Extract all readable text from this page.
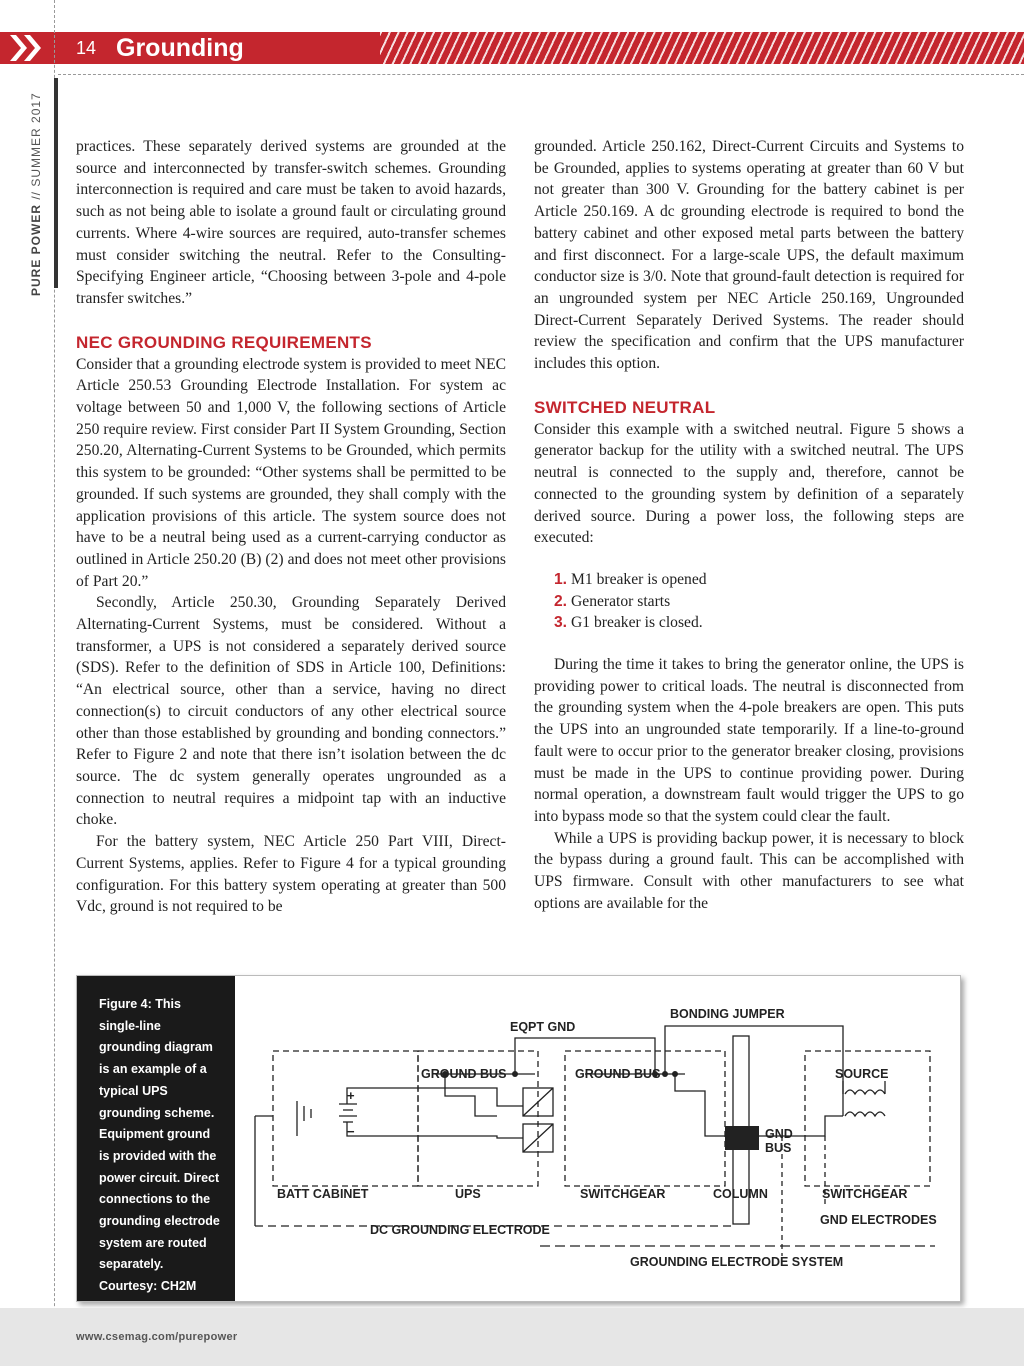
14 Grounding
PURE POWER // SUMMER 2017 practices. These separately derived systems are grounded at the source and interconnected by transfer-switch schemes. Grounding interconnection is required and care must be taken to avoid hazards, such as not being able to isolate a ground fault or circulating ground currents. Where 4-wire sources are required, auto-transfer schemes must consider switching the neutral. Refer to the Consulting-Specifying Engineer article, “Choosing between 3-pole and 4-pole transfer switches.”

NEC GROUNDING REQUIREMENTS

Consider that a grounding electrode system is provided to meet NEC Article 250.53 Grounding Electrode Installation. For system ac voltage between 50 and 1,000 V, the following sections of Article 250 require review. First consider Part II System Grounding, Section 250.20, Alternating-Current Systems to be Grounded, which permits this system to be grounded: “Other systems shall be permitted to be grounded. If such systems are grounded, they shall comply with the application provisions of this article. The system source does not have to be a neutral being used as a current-carrying conductor as outlined in Article 250.20 (B) (2) and does not meet other provisions of Part 20.”

Secondly, Article 250.30, Grounding Separately Derived Alternating-Current Systems, must be considered. Without a transformer, a UPS is not considered a separately derived source (SDS). Refer to the definition of SDS in Article 100, Definitions: “An electrical source, other than a service, having no direct connection(s) to circuit conductors of any other electrical source other than those established by grounding and bonding connectors.” Refer to Figure 2 and note that there isn’t isolation between the dc source. The dc system generally operates ungrounded as a connection to neutral requires a midpoint tap with an inductive choke.

For the battery system, NEC Article 250 Part VIII, Direct-Current Systems, applies. Refer to Figure 4 for a typical grounding configuration. For this battery system operating at greater than 500 Vdc, ground is not required to be

grounded. Article 250.162, Direct-Current Circuits and Systems to be Grounded, applies to systems operating at greater than 60 V but not greater than 300 V. Grounding for the battery cabinet is per Article 250.169. A dc grounding electrode is required to bond the battery cabinet and other exposed metal parts between the battery and first disconnect. For a large-scale UPS, the default maximum conductor size is 3/0. Note that ground-fault detection is required for an ungrounded system per NEC Article 250.169, Ungrounded Direct-Current Separately Derived Systems. The reader should review the specification and confirm that the UPS manufacturer includes this option.

SWITCHED NEUTRAL

Consider this example with a switched neutral. Figure 5 shows a generator backup for the utility with a switched neutral. The UPS neutral is connected to the supply and, therefore, cannot be connected to the grounding system by definition of a separately derived source. During a power loss, the following steps are executed:

1. M1 breaker is opened
2. Generator starts
3. G1 breaker is closed.

During the time it takes to bring the generator online, the UPS is providing power to critical loads. The neutral is disconnected from the grounding system when the 4-pole breakers are open. This puts the UPS into an ungrounded state temporarily. If a line-to-ground fault were to occur prior to the generator breaker closing, provisions must be made in the UPS to continue providing power. During normal operation, a downstream fault would trigger the UPS to go into bypass mode so that the system could clear the fault.

While a UPS is providing backup power, it is necessary to block the bypass during a ground fault. This can be accomplished with UPS firmware. Consult with other manufacturers to see what options are available for the

Figure 4: This single-line grounding diagram is an example of a typical UPS grounding scheme. Equipment ground is provided with the power circuit. Direct connections to the grounding electrode system are routed separately. Courtesy: CH2M
BONDING JUMPER
EQPT GND
GROUND BUS	GROUND BUS	SOURCE
GND
BUS
BATT CABINET	UPS	SWITCHGEAR	COLUMN	SWITCHGEAR
GND ELECTRODES
DC GROUNDING ELECTRODE
GROUNDING ELECTRODE SYSTEM
+
−
www.csemag.com/purepower
